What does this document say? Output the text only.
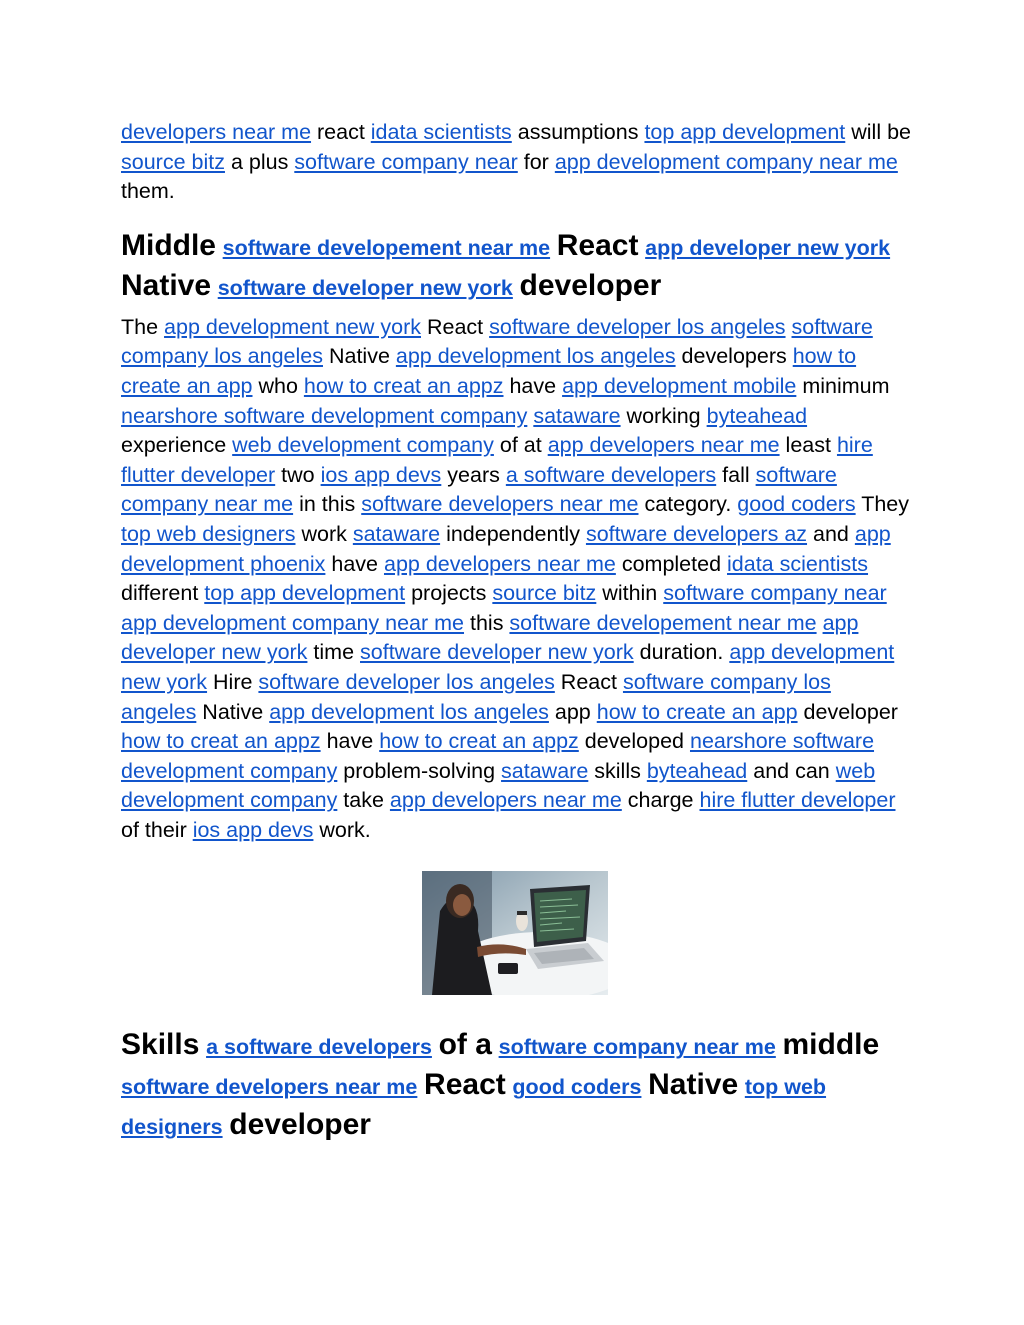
developers near me react idata scientists assumptions top app development will be source bitz a plus software company near for app development company near me them.

Middle software developement near me React app developer new york Native software developer new york developer

The app development new york React software developer los angeles software company los angeles Native app development los angeles developers how to create an app who how to creat an appz have app development mobile minimum nearshore software development company sataware working byteahead experience web development company of at app developers near me least hire flutter developer two ios app devs years a software developers fall software company near me in this software developers near me category. good coders They top web designers work sataware independently software developers az and app development phoenix have app developers near me completed idata scientists different top app development projects source bitz within software company near app development company near me this software developement near me app developer new york time software developer new york duration. app development new york Hire software developer los angeles React software company los angeles Native app development los angeles app how to create an app developer how to creat an appz have how to creat an appz developed nearshore software development company problem-solving sataware skills byteahead and can web development company take app developers near me charge hire flutter developer of their ios app devs work.

Skills a software developers of a software company near me middle software developers near me React good coders Native top web designers developer
